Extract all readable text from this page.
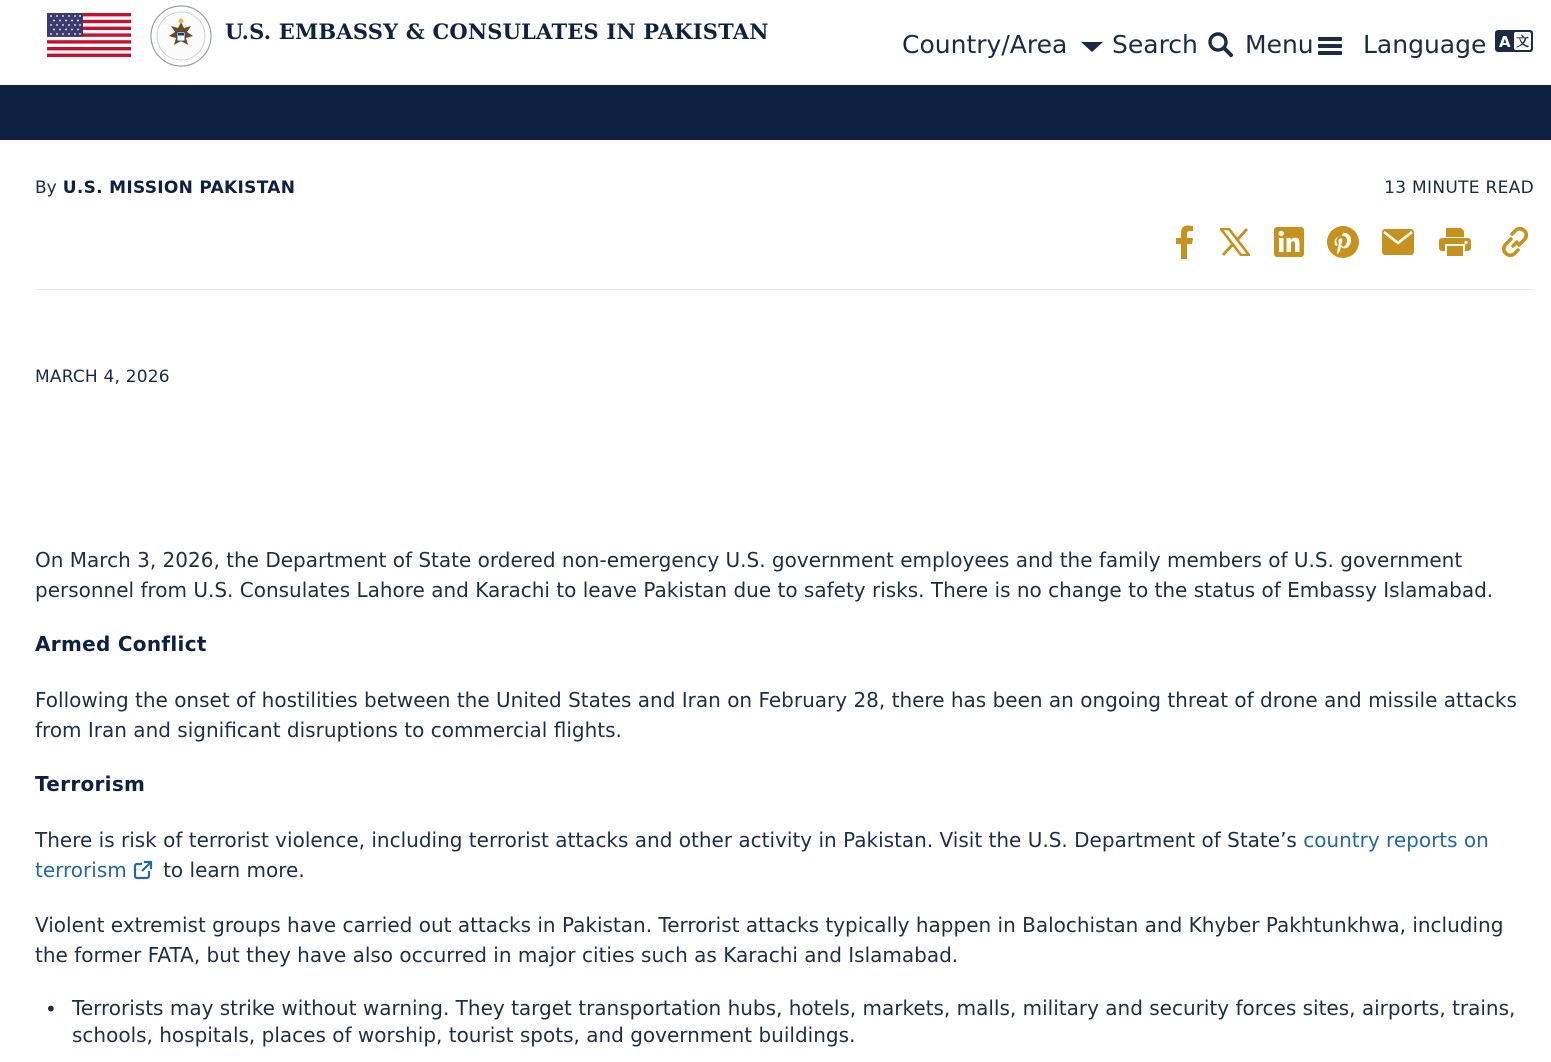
U.S. EMBASSY & CONSULATES IN PAKISTAN	Country/Area Search Menu Language A 文
By U.S. MISSION PAKISTAN	13 MINUTE READ
MARCH 4, 2026
On March 3, 2026, the Department of State ordered non-emergency U.S. government employees and the family members of U.S. government personnel from U.S. Consulates Lahore and Karachi to leave Pakistan due to safety risks. There is no change to the status of Embassy Islamabad.
Armed Conflict
Following the onset of hostilities between the United States and Iran on February 28, there has been an ongoing threat of drone and missile attacks from Iran and significant disruptions to commercial flights.
Terrorism
There is risk of terrorist violence, including terrorist attacks and other activity in Pakistan. Visit the U.S. Department of State’s country reports on terrorism to learn more.
Violent extremist groups have carried out attacks in Pakistan. Terrorist attacks typically happen in Balochistan and Khyber Pakhtunkhwa, including the former FATA, but they have also occurred in major cities such as Karachi and Islamabad.
• Terrorists may strike without warning. They target transportation hubs, hotels, markets, malls, military and security forces sites, airports, trains, schools, hospitals, places of worship, tourist spots, and government buildings.
